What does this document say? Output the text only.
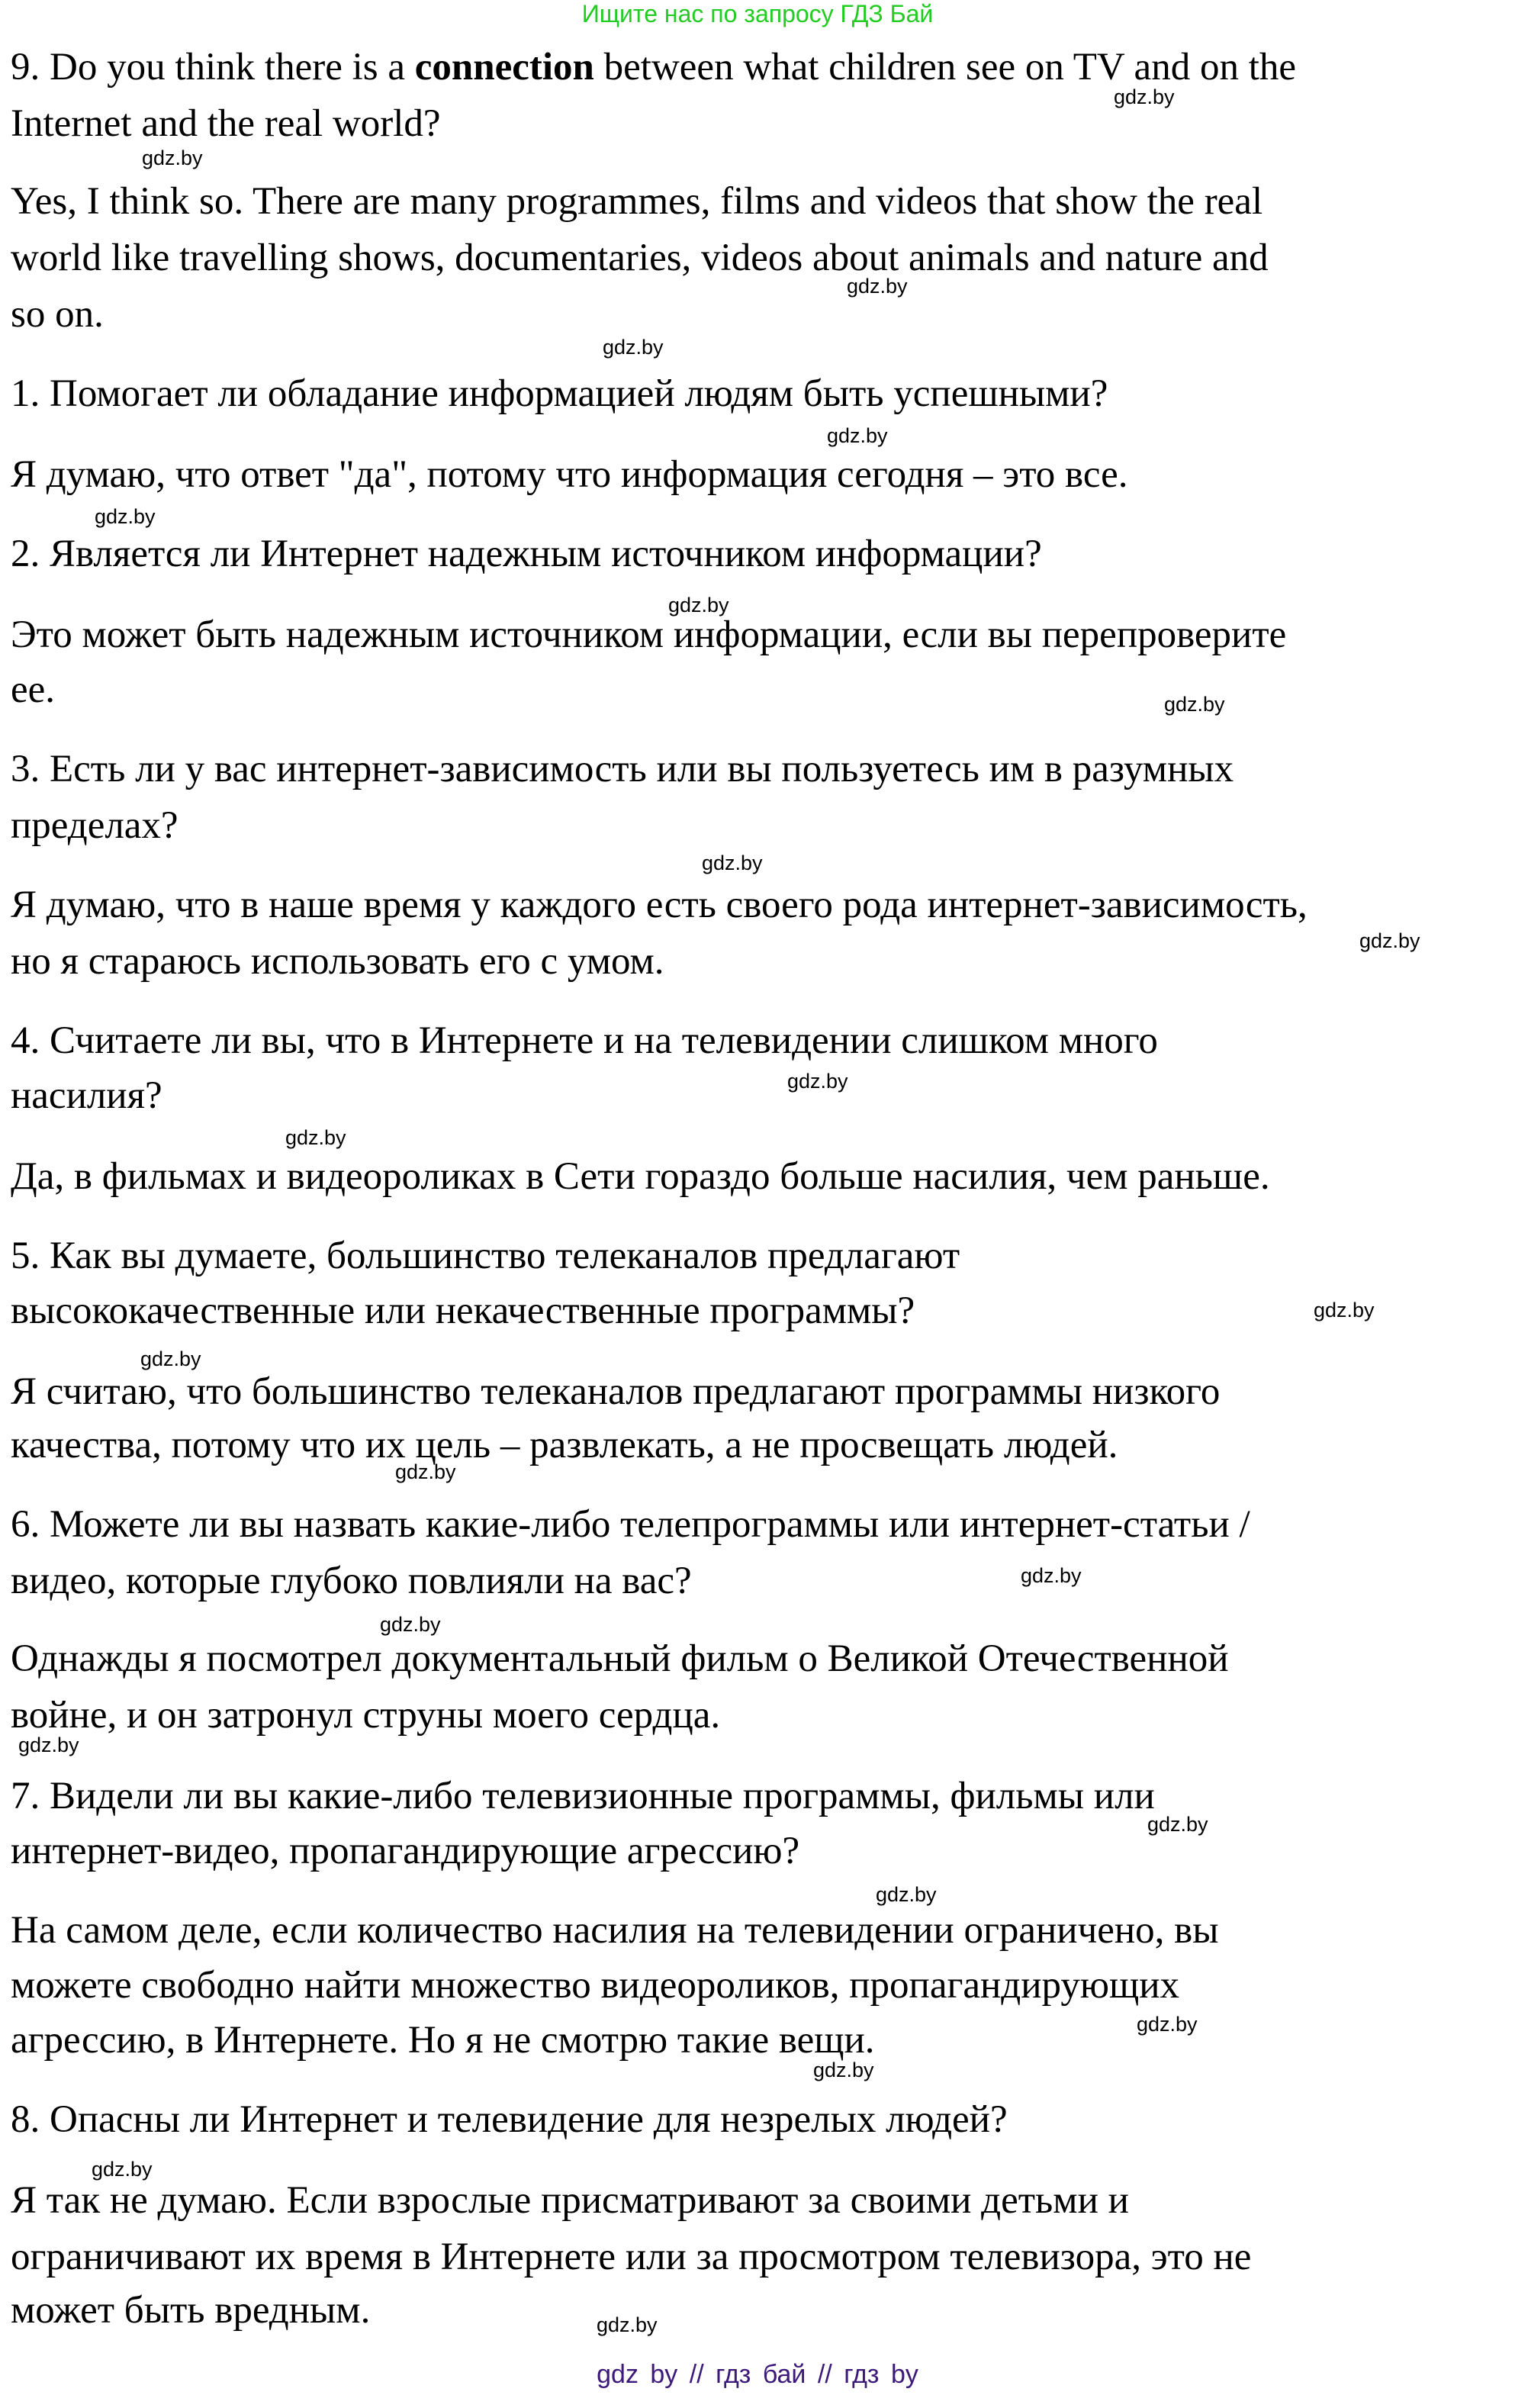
Ищите нас по запросу ГДЗ Бай
9. Do you think there is a connection between what children see on TV and on the
Internet and the real world?
Yes, I think so. There are many programmes, films and videos that show the real
world like travelling shows, documentaries, videos about animals and nature and
so on.
1. Помогает ли обладание информацией людям быть успешными?
Я думаю, что ответ "да", потому что информация сегодня – это все.
2. Является ли Интернет надежным источником информации?
Это может быть надежным источником информации, если вы перепроверите
ее.
3. Есть ли у вас интернет-зависимость или вы пользуетесь им в разумных
пределах?
Я думаю, что в наше время у каждого есть своего рода интернет-зависимость,
но я стараюсь использовать его с умом.
4. Считаете ли вы, что в Интернете и на телевидении слишком много
насилия?
Да, в фильмах и видеороликах в Сети гораздо больше насилия, чем раньше.
5. Как вы думаете, большинство телеканалов предлагают
высококачественные или некачественные программы?
Я считаю, что большинство телеканалов предлагают программы низкого
качества, потому что их цель – развлекать, а не просвещать людей.
6. Можете ли вы назвать какие-либо телепрограммы или интернет-статьи /
видео, которые глубоко повлияли на вас?
Однажды я посмотрел документальный фильм о Великой Отечественной
войне, и он затронул струны моего сердца.
7. Видели ли вы какие-либо телевизионные программы, фильмы или
интернет-видео, пропагандирующие агрессию?
На самом деле, если количество насилия на телевидении ограничено, вы
можете свободно найти множество видеороликов, пропагандирующих
агрессию, в Интернете. Но я не смотрю такие вещи.
8. Опасны ли Интернет и телевидение для незрелых людей?
Я так не думаю. Если взрослые присматривают за своими детьми и
ограничивают их время в Интернете или за просмотром телевизора, это не
может быть вредным.
gdz.by
gdz.by
gdz.by
gdz.by
gdz.by
gdz.by
gdz.by
gdz.by
gdz.by
gdz.by
gdz.by
gdz.by
gdz.by
gdz.by
gdz.by
gdz.by
gdz.by
gdz.by
gdz.by
gdz.by
gdz.by
gdz.by
gdz.by
gdz.by
gdz by // гдз бай // гдз by
